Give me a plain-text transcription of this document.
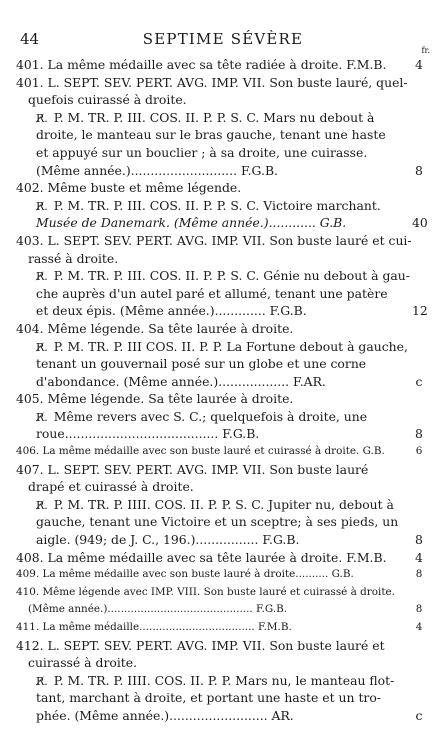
44	SEPTIME SÉVÈRE
fr.
401. La même médaille avec sa tête radiée à droite. F.M.B. 4
401. L. SEPT. SEV. PERT. AVG. IMP. VII. Son buste lauré, quel-
quefois cuirassé à droite.
R̸. P. M. TR. P. III. COS. II. P. P. S. C. Mars nu debout à
droite, le manteau sur le bras gauche, tenant une haste
et appuyé sur un bouclier ; à sa droite, une cuirasse.
(Même année.)........................... F.G.B.	8
402. Même buste et même légende.
R̸. P. M. TR. P. III. COS. II. P. P. S. C. Victoire marchant.
Musée de Danemark. (Même année.)............ G.B.	40
403. L. SEPT. SEV. PERT. AVG. IMP. VII. Son buste lauré et cui-
rassé à droite.
R̸. P. M. TR. P. III. COS. II. P. P. S. C. Génie nu debout à gau-
che auprès d'un autel paré et allumé, tenant une patère
et deux épis. (Même année.)............. F.G.B.	12
404. Même légende. Sa tête laurée à droite.
R̸. P. M. TR. P. III COS. II. P. P. La Fortune debout à gauche,
tenant un gouvernail posé sur un globe et une corne
d'abondance. (Même année.).................. F.AR.	c
405. Même légende. Sa tête laurée à droite.
R̸. Même revers avec S. C.; quelquefois à droite, une
roue....................................... F.G.B.	8
406. La même médaille avec son buste lauré et cuirassé à droite. G.B.	6
407. L. SEPT. SEV. PERT. AVG. IMP. VII. Son buste lauré
drapé et cuirassé à droite.
R̸. P. M. TR. P. IIII. COS. II. P. P. S. C. Jupiter nu, debout à
gauche, tenant une Victoire et un sceptre; à ses pieds, un
aigle. (949; de J. C., 196.)................ F.G.B.	8
408. La même médaille avec sa tête laurée à droite. F.M.B. 4
409. La même médaille avec son buste lauré à droite.......... G.B.	8
410. Même légende avec IMP. VIII. Son buste lauré et cuirassé à droite.
(Même année.)............................................ F.G.B.	8
411. La même médaille................................... F.M.B.	4
412. L. SEPT. SEV. PERT. AVG. IMP. VII. Son buste lauré et
cuirassé à droite.
R̸. P. M. TR. P. IIII. COS. II. P. P. Mars nu, le manteau flot-
tant, marchant à droite, et portant une haste et un tro-
phée. (Même année.)......................... AR.	c
